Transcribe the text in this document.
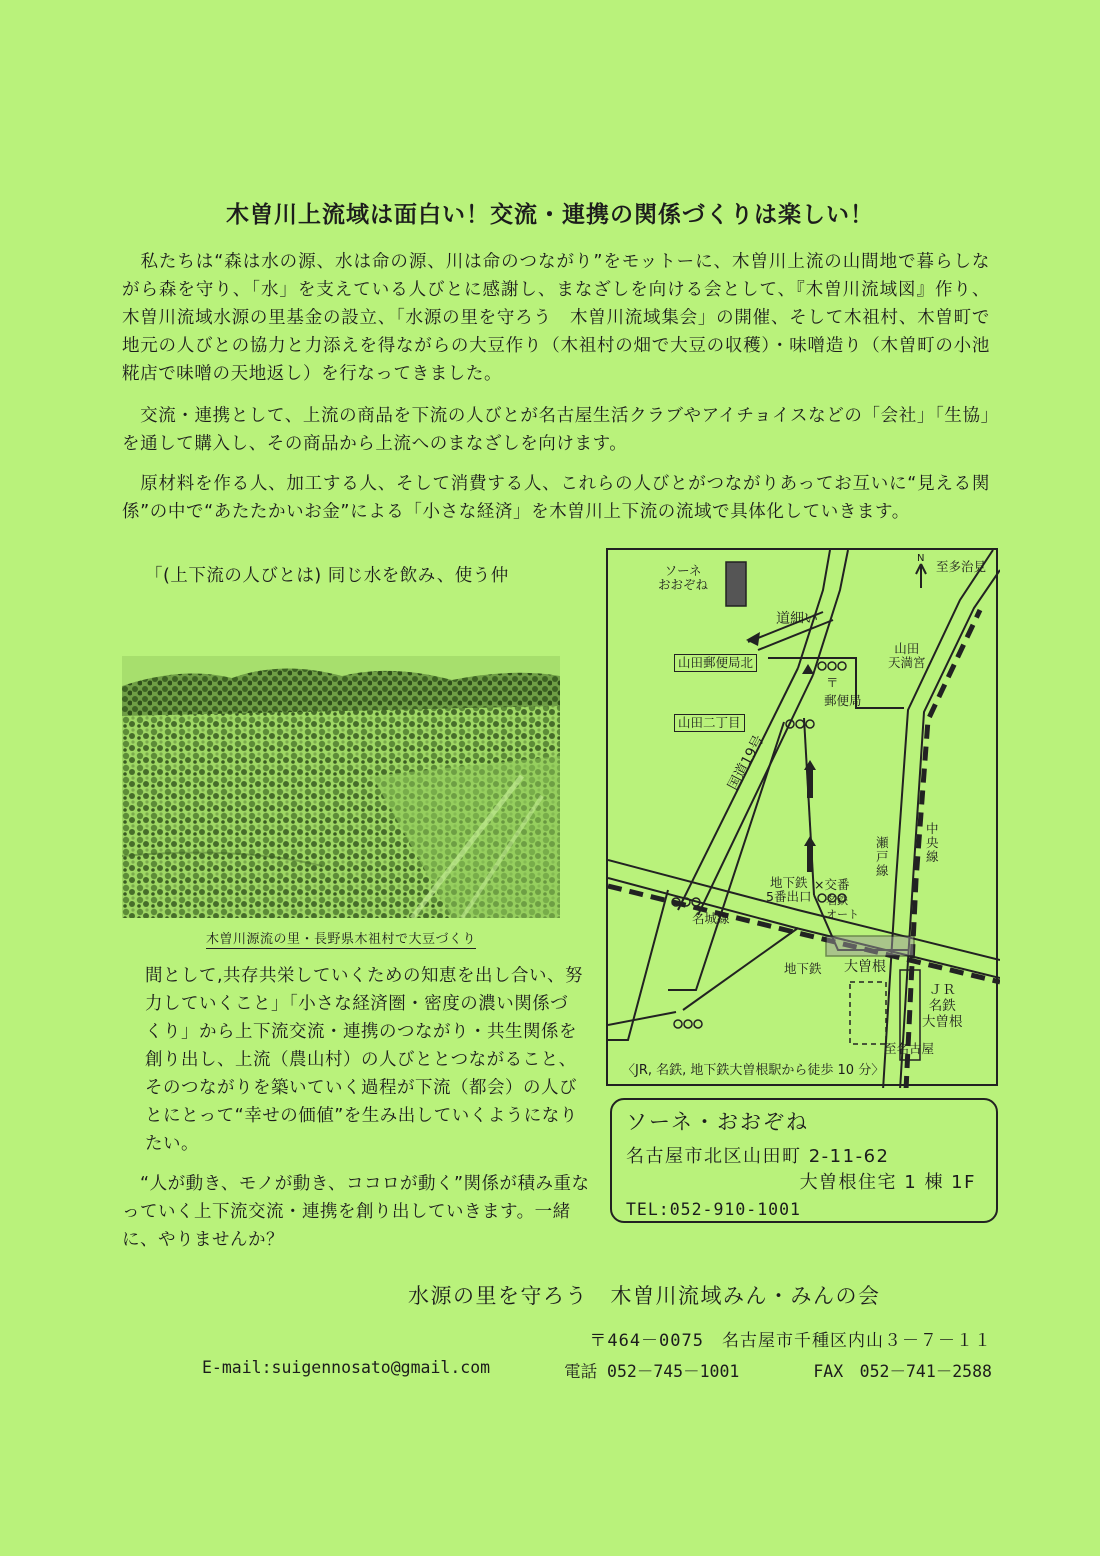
木曽川上流域は面白い！交流・連携の関係づくりは楽しい！
　私たちは“森は水の源、水は命の源、川は命のつながり”をモットーに、木曽川上流の山間地で暮らしながら森を守り、「水」を支えている人びとに感謝し、まなざしを向ける会として、『木曽川流域図』作り、木曽川流域水源の里基金の設立、「水源の里を守ろう　木曽川流域集会」の開催、そして木祖村、木曽町で地元の人びとの協力と力添えを得ながらの大豆作り（木祖村の畑で大豆の収穫）・味噌造り（木曽町の小池糀店で味噌の天地返し）を行なってきました。
　交流・連携として、上流の商品を下流の人びとが名古屋生活クラブやアイチョイスなどの「会社」「生協」を通して購入し、その商品から上流へのまなざしを向けます。
　原材料を作る人、加工する人、そして消費する人、これらの人びとがつながりあってお互いに“見える関係”の中で“あたたかいお金”による「小さな経済」を木曽川上下流の流域で具体化していきます。
「(上下流の人びとは) 同じ水を飲み、使う仲
木曽川源流の里・長野県木祖村で大豆づくり
間として,共存共栄していくための知恵を出し合い、努力していくこと」「小さな経済圏・密度の濃い関係づくり」から上下流交流・連携のつながり・共生関係を創り出し、上流（農山村）の人びととつながること、そのつながりを築いていく過程が下流（都会）の人びとにとって“幸せの価値”を生み出していくようになりたい。
　“人が動き、モノが動き、ココロが動く”関係が積み重なっていく上下流交流・連携を創り出していきます。一緒に、やりませんか？
ソーネ
おおぞね
N
至多治見
道細い
山田
天満宮
山田郵便局北
〒
郵便局
山田二丁目
国道19号
瀬
戸
線
中
央
線
地下鉄
5番出口
×交番
名鉄
オート
名城線
地下鉄 大曽根
ＪＲ
名鉄
大曽根
至名古屋
〈JR, 名鉄, 地下鉄大曽根駅から徒歩 10 分〉
ソーネ・おおぞね
名古屋市北区山田町 2-11-62
大曽根住宅 1 棟 1F
TEL:052-910-1001
水源の里を守ろう　木曽川流域みん・みんの会
〒464－0075　名古屋市千種区内山３－７－１１
E-mail:suigennosato@gmail.com	電話 052－745－1001	FAX　052－741－2588
